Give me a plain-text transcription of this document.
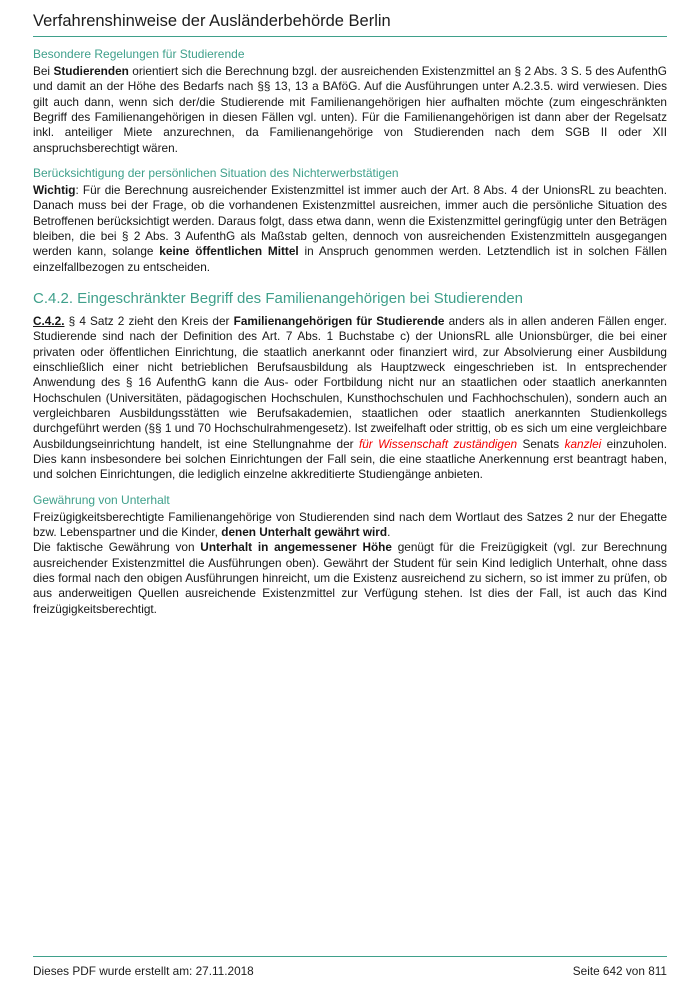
Verfahrenshinweise der Ausländerbehörde Berlin
Besondere Regelungen für Studierende

Bei Studierenden orientiert sich die Berechnung bzgl. der ausreichenden Existenzmittel an § 2 Abs. 3 S. 5 des AufenthG und damit an der Höhe des Bedarfs nach §§ 13, 13 a BAföG. Auf die Ausführungen unter A.2.3.5. wird verwiesen. Dies gilt auch dann, wenn sich der/die Studierende mit Familienangehörigen hier aufhalten möchte (zum eingeschränkten Begriff des Familienangehörigen in diesen Fällen vgl. unten). Für die Familienangehörigen ist dann aber der Regelsatz inkl. anteiliger Miete anzurechnen, da Familienangehörige von Studierenden nach dem SGB II oder XII anspruchsberechtigt wären.

Berücksichtigung der persönlichen Situation des Nichterwerbstätigen

Wichtig: Für die Berechnung ausreichender Existenzmittel ist immer auch der Art. 8 Abs. 4 der UnionsRL zu beachten. Danach muss bei der Frage, ob die vorhandenen Existenzmittel ausreichen, immer auch die persönliche Situation des Betroffenen berücksichtigt werden. Daraus folgt, dass etwa dann, wenn die Existenzmittel geringfügig unter den Beträgen bleiben, die bei § 2 Abs. 3 AufenthG als Maßstab gelten, dennoch von ausreichenden Existenzmitteln ausgegangen werden kann, solange keine öffentlichen Mittel in Anspruch genommen werden. Letztendlich ist in solchen Fällen einzelfallbezogen zu entscheiden.

C.4.2. Eingeschränkter Begriff des Familienangehörigen bei Studierenden

C.4.2. § 4 Satz 2 zieht den Kreis der Familienangehörigen für Studierende anders als in allen anderen Fällen enger. Studierende sind nach der Definition des Art. 7 Abs. 1 Buchstabe c) der UnionsRL alle Unionsbürger, die bei einer privaten oder öffentlichen Einrichtung, die staatlich anerkannt oder finanziert wird, zur Absolvierung einer Ausbildung einschließlich einer nicht betrieblichen Berufsausbildung als Hauptzweck eingeschrieben ist. In entsprechender Anwendung des § 16 AufenthG kann die Aus- oder Fortbildung nicht nur an staatlichen oder staatlich anerkannten Hochschulen (Universitäten, pädagogischen Hochschulen, Kunsthochschulen und Fachhochschulen), sondern auch an vergleichbaren Ausbildungsstätten wie Berufsakademien, staatlichen oder staatlich anerkannten Studienkollegs durchgeführt werden (§§ 1 und 70 Hochschulrahmengesetz). Ist zweifelhaft oder strittig, ob es sich um eine vergleichbare Ausbildungseinrichtung handelt, ist eine Stellungnahme der für Wissenschaft zuständigen Senats kanzlei einzuholen. Dies kann insbesondere bei solchen Einrichtungen der Fall sein, die eine staatliche Anerkennung erst beantragt haben, und solchen Einrichtungen, die lediglich einzelne akkreditierte Studiengänge anbieten.

Gewährung von Unterhalt

Freizügigkeitsberechtigte Familienangehörige von Studierenden sind nach dem Wortlaut des Satzes 2 nur der Ehegatte bzw. Lebenspartner und die Kinder, denen Unterhalt gewährt wird.

Die faktische Gewährung von Unterhalt in angemessener Höhe genügt für die Freizügigkeit (vgl. zur Berechnung ausreichender Existenzmittel die Ausführungen oben). Gewährt der Student für sein Kind lediglich Unterhalt, ohne dass dies formal nach den obigen Ausführungen hinreicht, um die Existenz ausreichend zu sichern, so ist immer zu prüfen, ob aus anderweitigen Quellen ausreichende Existenzmittel zur Verfügung stehen. Ist dies der Fall, ist auch das Kind freizügigkeitsberechtigt.

Dieses PDF wurde erstellt am: 27.11.2018	Seite 642 von 811
